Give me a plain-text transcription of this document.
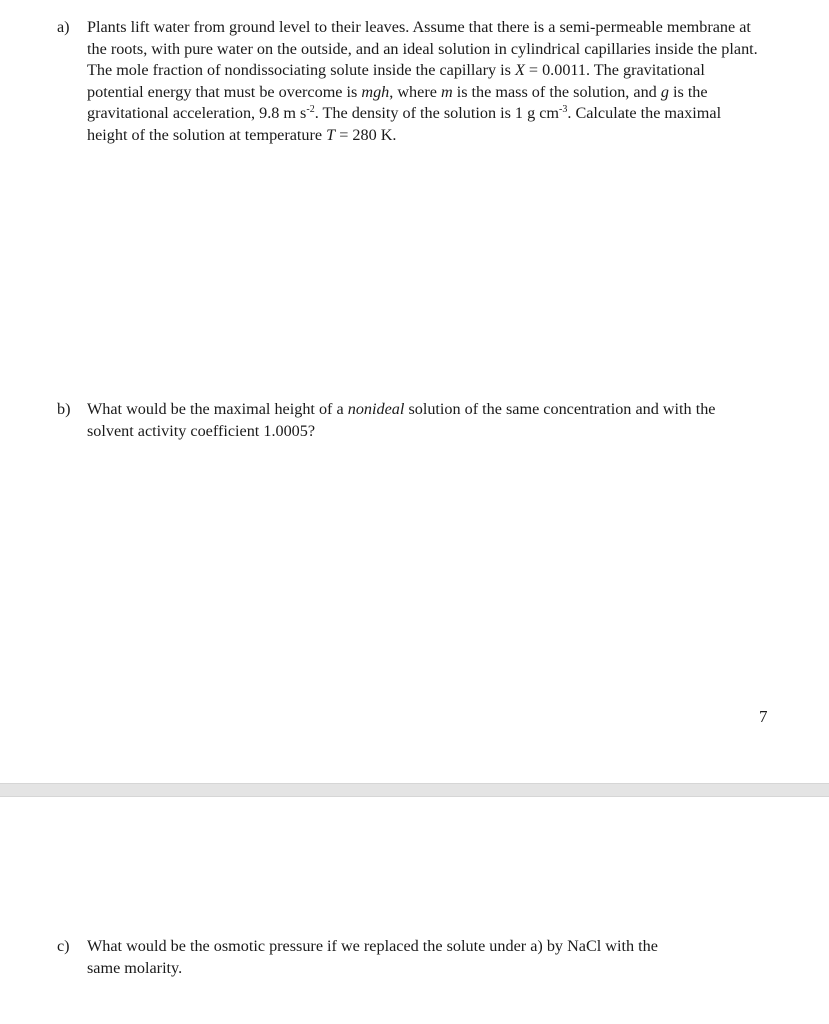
a)	Plants lift water from ground level to their leaves. Assume that there is a semi-permeable membrane at
the roots, with pure water on the outside, and an ideal solution in cylindrical capillaries inside the plant.
The mole fraction of nondissociating solute inside the capillary is X = 0.0011. The gravitational
potential energy that must be overcome is mgh, where m is the mass of the solution, and g is the
gravitational acceleration, 9.8 m $s^{-2}$. The density of the solution is 1 g $cm^{-3}$. Calculate the maximal
height of the solution at temperature T = 280 K.
b)	What would be the maximal height of a nonideal solution of the same concentration and with the
solvent activity coefficient 1.0005?
7
c)	What would be the osmotic pressure if we replaced the solute under a) by NaCl with the
same molarity.
